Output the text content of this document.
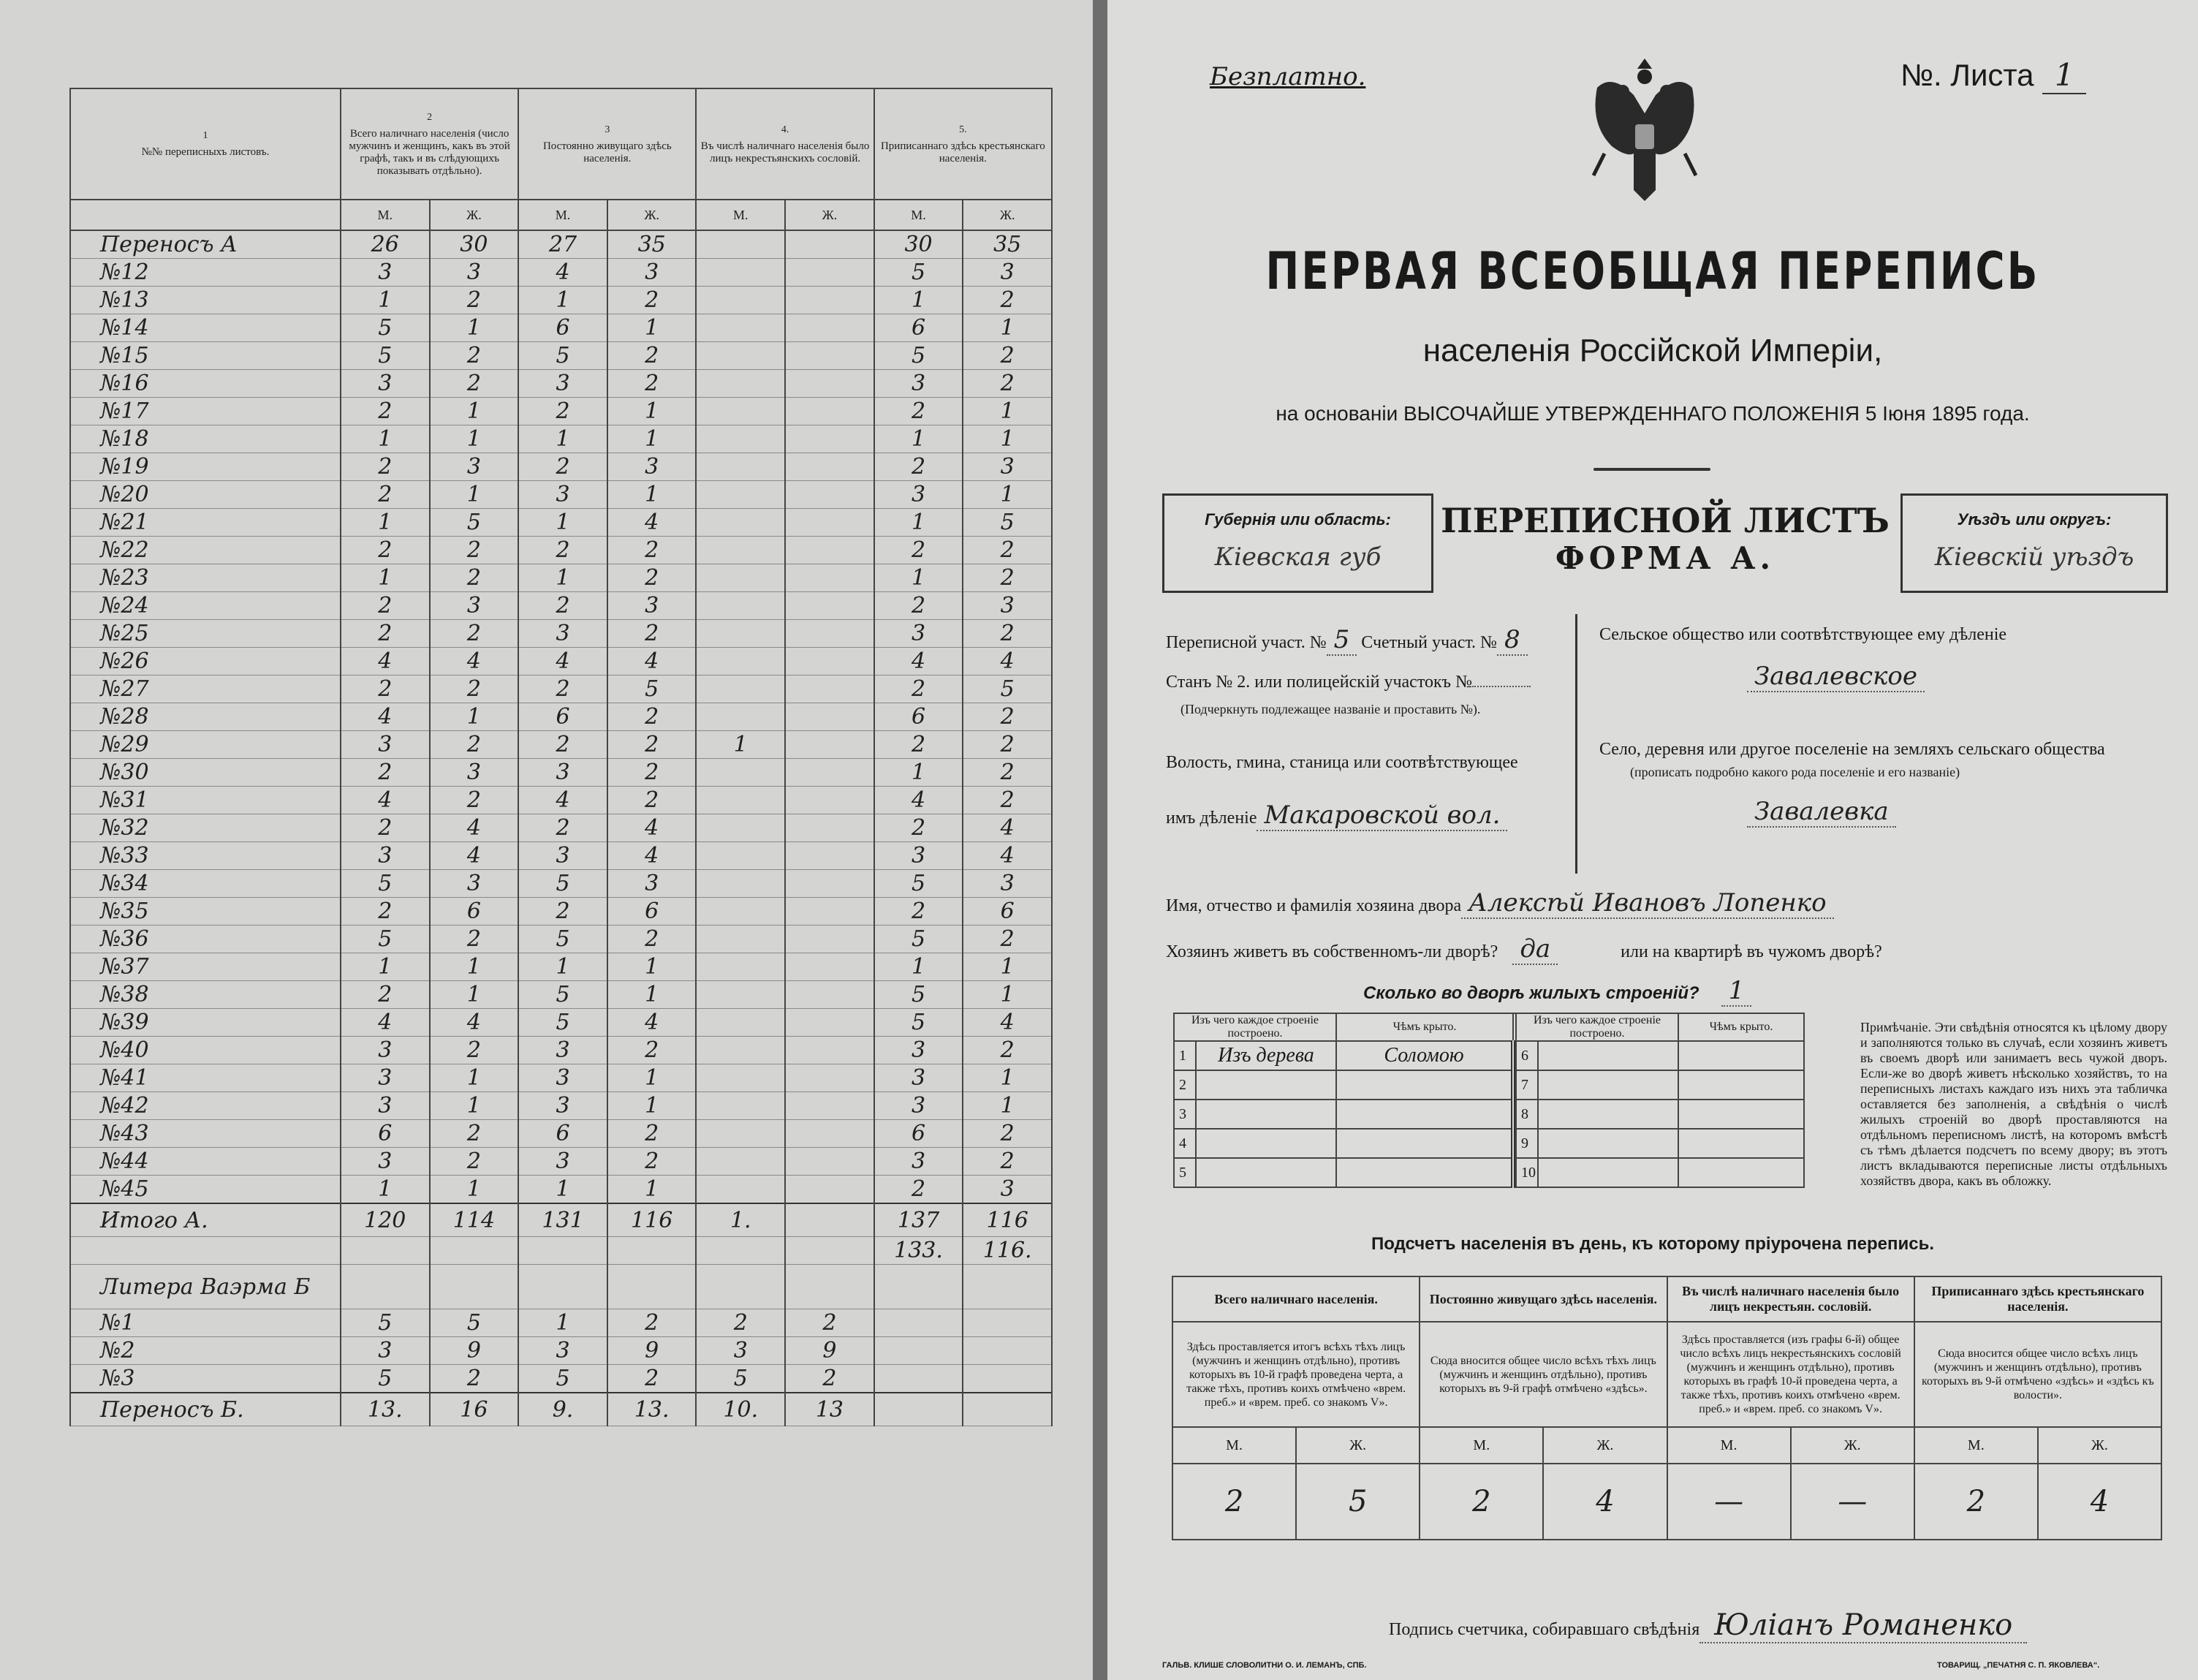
1
№№ переписныхъ листовъ.	2
Всего наличнаго населенія (число мужчинъ и женщинъ, какъ въ этой графѣ, такъ и въ слѣдующихъ показывать отдѣльно).		3
Постоянно живущаго здѣсь населенія.		4.
Въ числѣ наличнаго населенія было лицъ некрестьянскихъ сословій.		5.
Приписаннаго здѣсь крестьянскаго населенія.	
	М.	Ж.	М.	Ж.	М.	Ж.	М.	Ж.
Переносъ А	26	30	27	35			30	35
№12	3	3	4	3			5	3
№13	1	2	1	2			1	2
№14	5	1	6	1			6	1
№15	5	2	5	2			5	2
№16	3	2	3	2			3	2
№17	2	1	2	1			2	1
№18	1	1	1	1			1	1
№19	2	3	2	3			2	3
№20	2	1	3	1			3	1
№21	1	5	1	4			1	5
№22	2	2	2	2			2	2
№23	1	2	1	2			1	2
№24	2	3	2	3			2	3
№25	2	2	3	2			3	2
№26	4	4	4	4			4	4
№27	2	2	2	5			2	5
№28	4	1	6	2			6	2
№29	3	2	2	2	1		2	2
№30	2	3	3	2			1	2
№31	4	2	4	2			4	2
№32	2	4	2	4			2	4
№33	3	4	3	4			3	4
№34	5	3	5	3			5	3
№35	2	6	2	6			2	6
№36	5	2	5	2			5	2
№37	1	1	1	1			1	1
№38	2	1	5	1			5	1
№39	4	4	5	4			5	4
№40	3	2	3	2			3	2
№41	3	1	3	1			3	1
№42	3	1	3	1			3	1
№43	6	2	6	2			6	2
№44	3	2	3	2			3	2
№45	1	1	1	1			2	3
Итого А.	120	114	131	116	1.		137	116
							133.	116.
Литера Ваэрма Б								
№1	5	5	1	2	2	2		
№2	3	9	3	9	3	9		
№3	5	2	5	2	5	2		
Переносъ Б.	13.	16	9.	13.	10.	13		
Безплатно.	№. Листа 1
ПЕРВАЯ ВСЕОБЩАЯ ПЕРЕПИСЬ
населенія Россійской Имперіи,
на основаніи ВЫСОЧАЙШЕ УТВЕРЖДЕННАГО ПОЛОЖЕНІЯ 5 Іюня 1895 года.
Губернія или область:
Кіевская губ
ПЕРЕПИСНОЙ ЛИСТЪ
ФОРМА А.
Уѣздъ или округъ:
Кіевскій уѣздъ
Переписной участ. № 5 Счетный участ. № 8
Станъ № 2. или полицейскій участокъ №
(Подчеркнуть подлежащее названіе и проставить №).
Волость, гмина, станица или соотвѣтствующее
имъ дѣленіе Макаровской вол.
Сельское общество или соотвѣтствующее ему дѣленіе
Завалевское
Село, деревня или другое поселеніе на земляхъ сельскаго общества
(прописать подробно какого рода поселеніе и его названіе)
Завалевка
Имя, отчество и фамилія хозяина двора Алексѣй Ивановъ Лопенко
Хозяинъ живетъ въ собственномъ-ли дворѣ? да	или на квартирѣ въ чужомъ дворѣ?
Сколько во дворѣ жилыхъ строеній? 1
Изъ чего каждое строеніе построено.		Чѣмъ крыто.		Изъ чего каждое строеніе построено.		Чѣмъ крыто.
1	Изъ дерева	Соломою		6		
2				7		
3				8		
4				9		
5				10		
Примѣчаніе. Эти свѣдѣнія относятся къ цѣлому двору и заполняются только въ случаѣ, если хозяинъ живетъ въ своемъ дворѣ или занимаетъ весь чужой дворъ. Если-же во дворѣ живетъ нѣсколько хозяйствъ, то на переписныхъ листахъ каждаго изъ нихъ эта табличка оставляется без заполненія, а свѣдѣнія о числѣ жилыхъ строеній во дворѣ проставляются на отдѣльномъ переписномъ листѣ, на которомъ вмѣстѣ съ тѣмъ дѣлается подсчетъ по всему двору; въ этотъ листъ вкладываются переписные листы отдѣльныхъ хозяйствъ двора, какъ въ обложку.
Подсчетъ населенія въ день, къ которому пріурочена перепись.
Всего наличнаго населенія.		Постоянно живущаго здѣсь населенія.		Въ числѣ наличнаго населенія было лицъ некрестьян. сословій.		Приписаннаго здѣсь крестьянскаго населенія.	
Здѣсь проставляется итогъ всѣхъ тѣхъ лицъ (мужчинъ и женщинъ отдѣльно), противъ которыхъ въ 10-й графѣ проведена черта, а также тѣхъ, противъ коихъ отмѣчено «врем. преб.» и «врем. преб. со знакомъ V».		Сюда вносится общее число всѣхъ тѣхъ лицъ (мужчинъ и женщинъ отдѣльно), противъ которыхъ въ 9-й графѣ отмѣчено «здѣсь».		Здѣсь проставляется (изъ графы 6-й) общее число всѣхъ лицъ некрестьянскихъ сословій (мужчинъ и женщинъ отдѣльно), противъ которыхъ въ графѣ 10-й проведена черта, а также тѣхъ, противъ коихъ отмѣчено «врем. преб.» и «врем. преб. со знакомъ V».		Сюда вносится общее число всѣхъ лицъ (мужчинъ и женщинъ отдѣльно), противъ которыхъ въ 9-й отмѣчено «здѣсь» и «здѣсь къ волости».	
М.	Ж.	М.	Ж.	М.	Ж.	М.	Ж.
2	5	2	4	—	—	2	4
Подпись счетчика, собиравшаго свѣдѣнія Юліанъ Романенко
ГАЛЬВ. КЛИШЕ СЛОВОЛИТНИ О. И. ЛЕМАНЪ, СПБ.	ТОВАРИЩ. „ПЕЧАТНЯ С. П. ЯКОВЛЕВА“.
